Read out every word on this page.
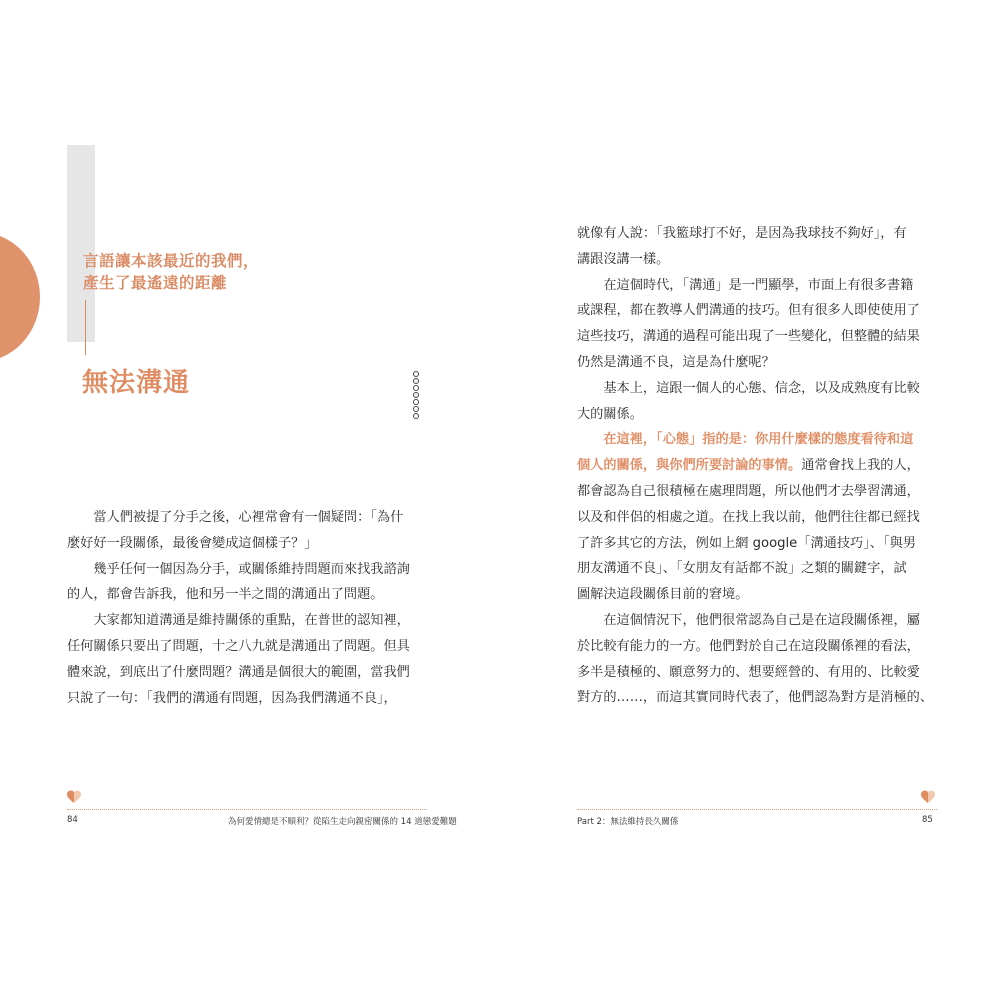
言語讓本該最近的我們，
產生了最遙遠的距離
無法溝通

　　當人們被提了分手之後，心裡常會有一個疑問：「為什

麼好好一段關係，最後會變成這個樣子？」

　　幾乎任何一個因為分手，或關係維持問題而來找我諮詢

的人，都會告訴我，他和另一半之間的溝通出了問題。

　　大家都知道溝通是維持關係的重點，在普世的認知裡，

任何關係只要出了問題，十之八九就是溝通出了問題。但具

體來說，到底出了什麼問題？溝通是個很大的範圍，當我們

只說了一句：「我們的溝通有問題，因為我們溝通不良」，

就像有人說：「我籃球打不好，是因為我球技不夠好」，有

講跟沒講一樣。

　　在這個時代，「溝通」是一門顯學，市面上有很多書籍

或課程，都在教導人們溝通的技巧。但有很多人即使使用了

這些技巧，溝通的過程可能出現了一些變化，但整體的結果

仍然是溝通不良，這是為什麼呢？

　　基本上，這跟一個人的心態、信念，以及成熟度有比較

大的關係。

　　在這裡，「心態」指的是：你用什麼樣的態度看待和這

個人的關係，與你們所要討論的事情。通常會找上我的人，

都會認為自己很積極在處理問題，所以他們才去學習溝通，

以及和伴侶的相處之道。在找上我以前，他們往往都已經找

了許多其它的方法，例如上網 google「溝通技巧」、「與男

朋友溝通不良」、「女朋友有話都不說」之類的關鍵字，試

圖解決這段關係目前的窘境。

　　在這個情況下，他們很常認為自己是在這段關係裡，屬

於比較有能力的一方。他們對於自己在這段關係裡的看法，

多半是積極的、願意努力的、想要經營的、有用的、比較愛

對方的……，而這其實同時代表了，他們認為對方是消極的、

84	為何愛情總是不順利？從陷生走向親密關係的 14 道戀愛難題	Part 2：無法維持長久關係	85
